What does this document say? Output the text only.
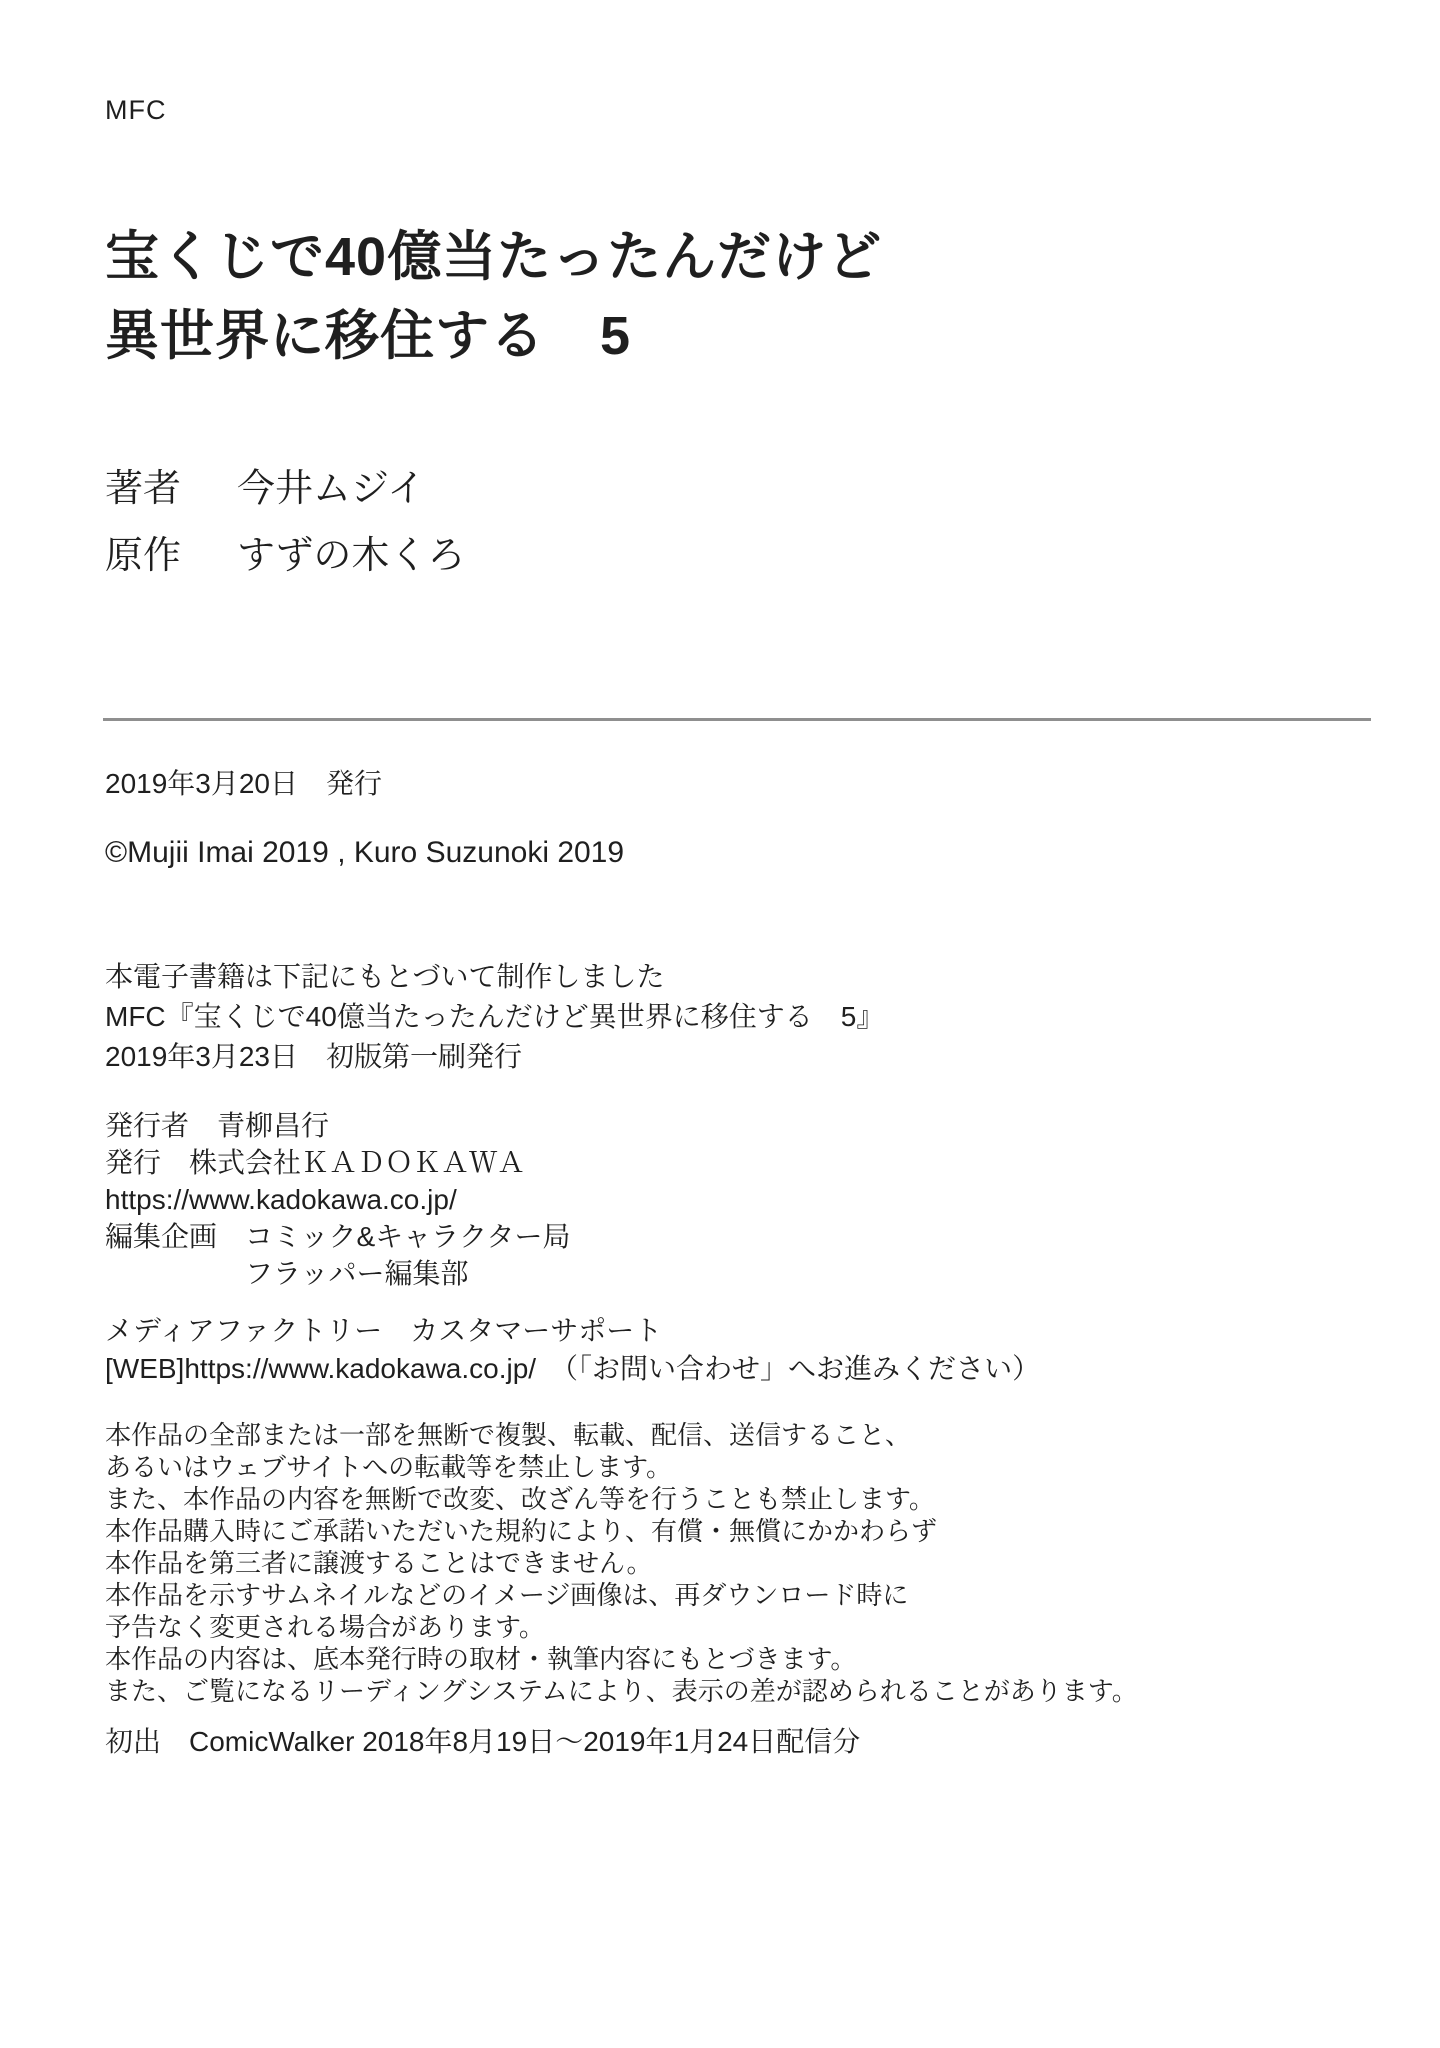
MFC
宝くじで40億当たったんだけど
異世界に移住する　5
著者	今井ムジイ
原作	すずの木くろ
2019年3月20日　発行
©Mujii Imai 2019 , Kuro Suzunoki 2019
本電子書籍は下記にもとづいて制作しました
MFC『宝くじで40億当たったんだけど異世界に移住する　5』
2019年3月23日　初版第一刷発行
発行者　青柳昌行
発行　株式会社ＫＡＤＯＫＡＷＡ
https://www.kadokawa.co.jp/
編集企画　コミック&キャラクター局
　　　　　フラッパー編集部
メディアファクトリー　カスタマーサポート
[WEB]https://www.kadokawa.co.jp/　（「お問い合わせ」へお進みください）
本作品の全部または一部を無断で複製、転載、配信、送信すること、
あるいはウェブサイトへの転載等を禁止します。
また、本作品の内容を無断で改変、改ざん等を行うことも禁止します。
本作品購入時にご承諾いただいた規約により、有償・無償にかかわらず
本作品を第三者に譲渡することはできません。
本作品を示すサムネイルなどのイメージ画像は、再ダウンロード時に
予告なく変更される場合があります。
本作品の内容は、底本発行時の取材・執筆内容にもとづきます。
また、ご覧になるリーディングシステムにより、表示の差が認められることがあります。
初出　ComicWalker 2018年8月19日～2019年1月24日配信分
